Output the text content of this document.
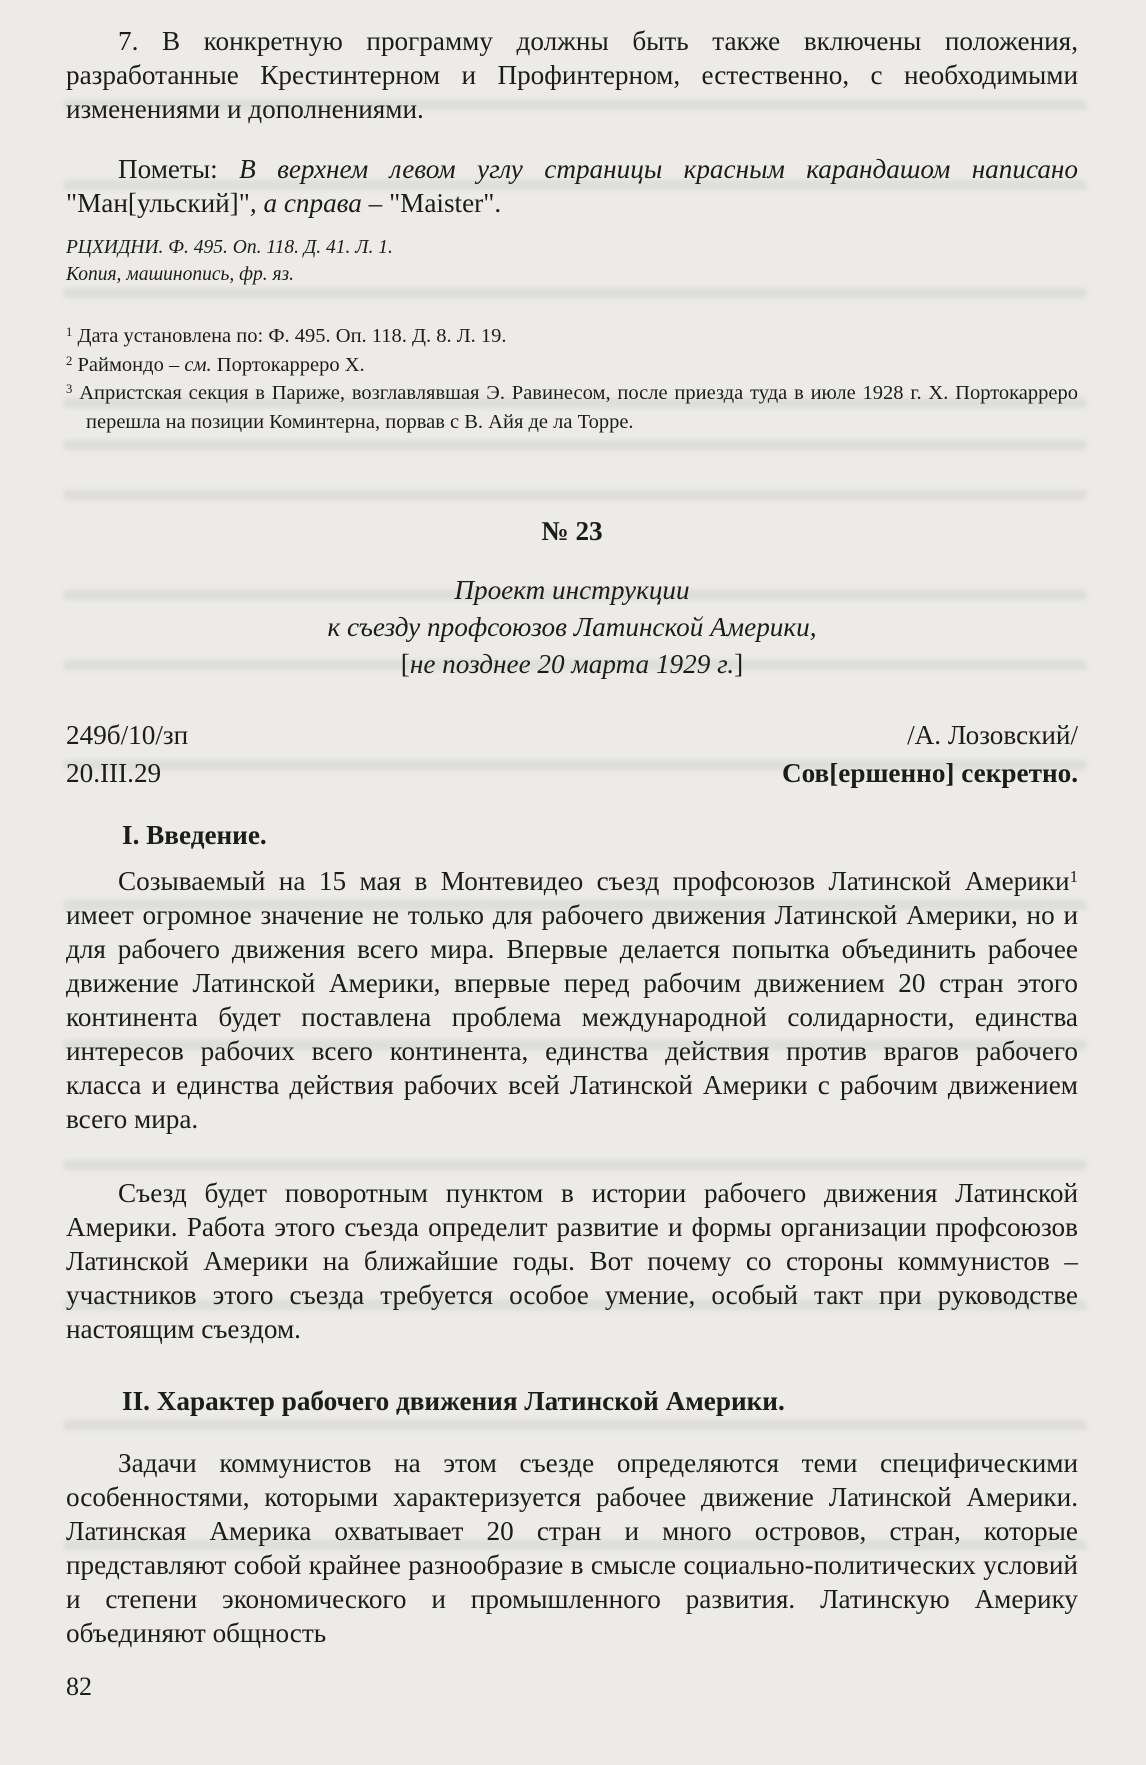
7. В конкретную программу должны быть также включены положения, разработанные Крестинтерном и Профинтерном, естественно, с необходимыми изменениями и дополнениями.

Пометы: В верхнем левом углу страницы красным карандашом написано "Ман[ульский]", а справа – "Maister".

РЦХИДНИ. Ф. 495. Оп. 118. Д. 41. Л. 1.

Копия, машинопись, фр. яз.

$^1$ Дата установлена по: Ф. 495. Оп. 118. Д. 8. Л. 19.

$^2$ Раймондо – см. Портокарреро Х.

$^3$ Апристская секция в Париже, возглавлявшая Э. Равинесом, после приезда туда в июле 1928 г. Х. Портокарреро перешла на позиции Коминтерна, порвав с В. Айя де ла Торре.

№ 23
Проект инструкции
к съезду профсоюзов Латинской Америки,
[не позднее 20 марта 1929 г.]
249б/10/зп	/А. Лозовский/
20.III.29	Сов[ершенно] секретно.
I. Введение.

Созываемый на 15 мая в Монтевидео съезд профсоюзов Латинской Америки$^1$ имеет огромное значение не только для рабочего движения Латинской Америки, но и для рабочего движения всего мира. Впервые делается попытка объединить рабочее движение Латинской Америки, впервые перед рабочим движением 20 стран этого континента будет поставлена проблема международной солидарности, единства интересов рабочих всего континента, единства действия против врагов рабочего класса и единства действия рабочих всей Латинской Америки с рабочим движением всего мира.

Съезд будет поворотным пунктом в истории рабочего движения Латинской Америки. Работа этого съезда определит развитие и формы организации профсоюзов Латинской Америки на ближайшие годы. Вот почему со стороны коммунистов – участников этого съезда требуется особое умение, особый такт при руководстве настоящим съездом.

II. Характер рабочего движения Латинской Америки.

Задачи коммунистов на этом съезде определяются теми специфическими особенностями, которыми характеризуется рабочее движение Латинской Америки. Латинская Америка охватывает 20 стран и много островов, стран, которые представляют собой крайнее разнообразие в смысле социально-политических условий и степени экономического и промышленного развития. Латинскую Америку объединяют общность

82
